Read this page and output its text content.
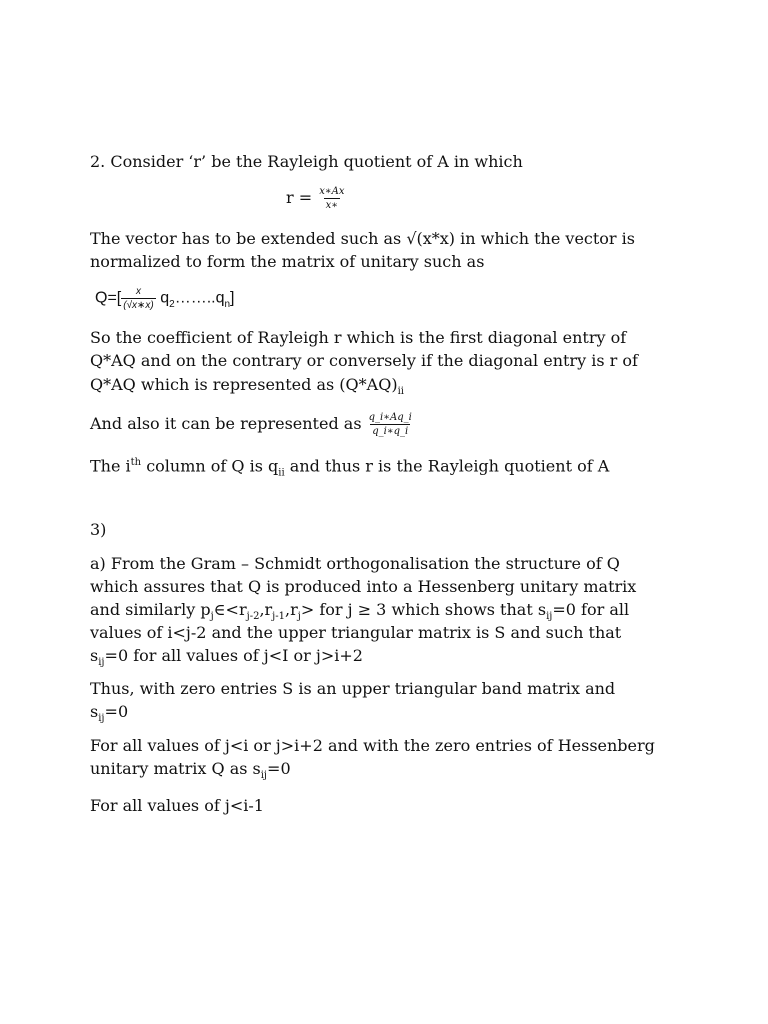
2. Consider ‘r’ be the Rayleigh quotient of A in which
$r = \frac{x∗Ax}{x∗}$
The vector has to be extended such as √(x*x) in which the vector is
normalized to form the matrix of unitary such as
$Q=[ \frac{x}{(√x∗x)}$ $q_2\dots\dots..q_n$]
So the coefficient of Rayleigh r which is the first diagonal entry of
Q*AQ and on the contrary or conversely if the diagonal entry is r of
Q*AQ which is represented as $(Q*AQ)_{ii}$
And also it can be represented as $\frac{q\_i∗Aq\_i}{q\_i∗q\_i}$
The $i^{th}$ column of Q is $q_{ii}$ and thus r is the Rayleigh quotient of A
3)
a) From the Gram – Schmidt orthogonalisation the structure of Q
which assures that Q is produced into a Hessenberg unitary matrix
and similarly $p_j\in<r_{j-2},r_{j-1},r_j>$ for j ≥ 3 which shows that $s_{ij}=0$ for all
values of i<j-2 and the upper triangular matrix is S and such that
$s_{ij}=0$ for all values of j<I or j>i+2
Thus, with zero entries S is an upper triangular band matrix and
$s_{ij}=0$
For all values of j<i or j>i+2 and with the zero entries of Hessenberg
unitary matrix Q as $s_{ij}=0$
For all values of j<i-1
